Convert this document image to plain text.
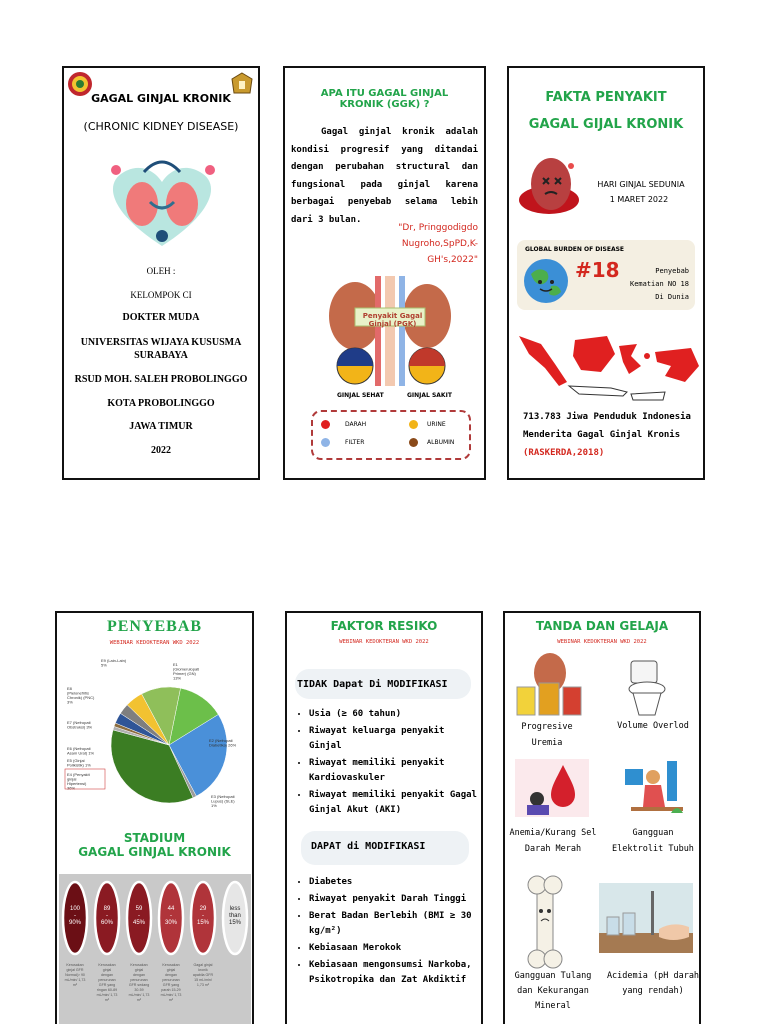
GAGAL GINJAL KRONIK
(CHRONIC KIDNEY DISEASE)
OLEH :
KELOMPOK CI
DOKTER MUDA
UNIVERSITAS WIJAYA KUSUSMA SURABAYA
RSUD MOH. SALEH PROBOLINGGO
KOTA PROBOLINGGO
JAWA TIMUR
2022
APA ITU GAGAL GINJAL KRONIK (GGK) ?
Gagal ginjal kronik adalah kondisi progresif yang ditandai dengan perubahan structural dan fungsional pada ginjal karena berbagai penyebab selama lebih dari 3 bulan.
"Dr, Pringgodigdo Nugroho,SpPD,K-GH's,2022"
Penyakit Gagal Ginjal (PGK)
GINJAL SEHAT	GINJAL SAKIT
DARAH	URINE
FILTER	ALBUMIN
FAKTA PENYAKIT
GAGAL GIJAL KRONIK
HARI GINJAL SEDUNIA
1 MARET 2022
GLOBAL BURDEN OF DISEASE
#18	Penyebab
Kematian NO 18
Di Dunia
713.783 Jiwa Penduduk Indonesia Menderita Gagal Ginjal Kronis (RASKERDA,2018)
PENYEBAB
WEBINAR KEDOKTERAN WKD 2022
E1 (Glomerulopati Primer) (GN) 13%
E2 (Nefropati Diabetika) 26%
E3 (Nefropati Lupus) (SLE) 1%
E4 (Penyakit ginjal Hipertensi) 36%
E5 (Ginjal Polikistik) 1%
E6 (Nefropati Asam Urat) 1%
E7 (Nefropati Obstruksi) 3%
E8 (Pielonefritis Chronik) (PNC) 3%
E9 (Lain-Lain) 5%
STADIUM
GAGAL GINJAL KRONIK
100 -90%
Kerusakan ginjal GFR Normal(> 90 mL/min/ 1,73 m²
89 -60%
Kerusakan ginjal dengan penurunan GFR yang ringan 60-89 mL/min/ 1,73 m²
59 -45%
Kerusakan ginjal dengan penurunan GFR sedang 30-59 mL/min/ 1,73 m²
44 -30%
Kerusakan ginjal dengan penurunan GFR yang parah 15-29 mL/min/ 1,73 m²
29 -15%
Gagal ginjal kronik apabila GFR 15 mL/min/ 1,73 m²
less than 15%
FAKTOR RESIKO
WEBINAR KEDOKTERAN WKD 2022
TIDAK Dapat Di MODIFIKASI
• Usia (≥ 60 tahun)
• Riwayat keluarga penyakit Ginjal
• Riwayat memiliki penyakit Kardiovaskuler
• Riwayat memiliki penyakit Gagal Ginjal Akut (AKI)
DAPAT di MODIFIKASI
• Diabetes
• Riwayat penyakit Darah Tinggi
• Berat Badan Berlebih (BMI ≥ 30 kg/m²)
• Kebiasaan Merokok
• Kebiasaan mengonsumsi Narkoba, Psikotropika dan Zat Akdiktif
TANDA DAN GELAJA
WEBINAR KEDOKTERAN WKD 2022
Progresive Uremia
Volume Overlod
Anemia/Kurang Sel Darah Merah
Gangguan Elektrolit Tubuh
Gangguan Tulang dan Kekurangan Mineral
Acidemia (pH darah yang rendah)
